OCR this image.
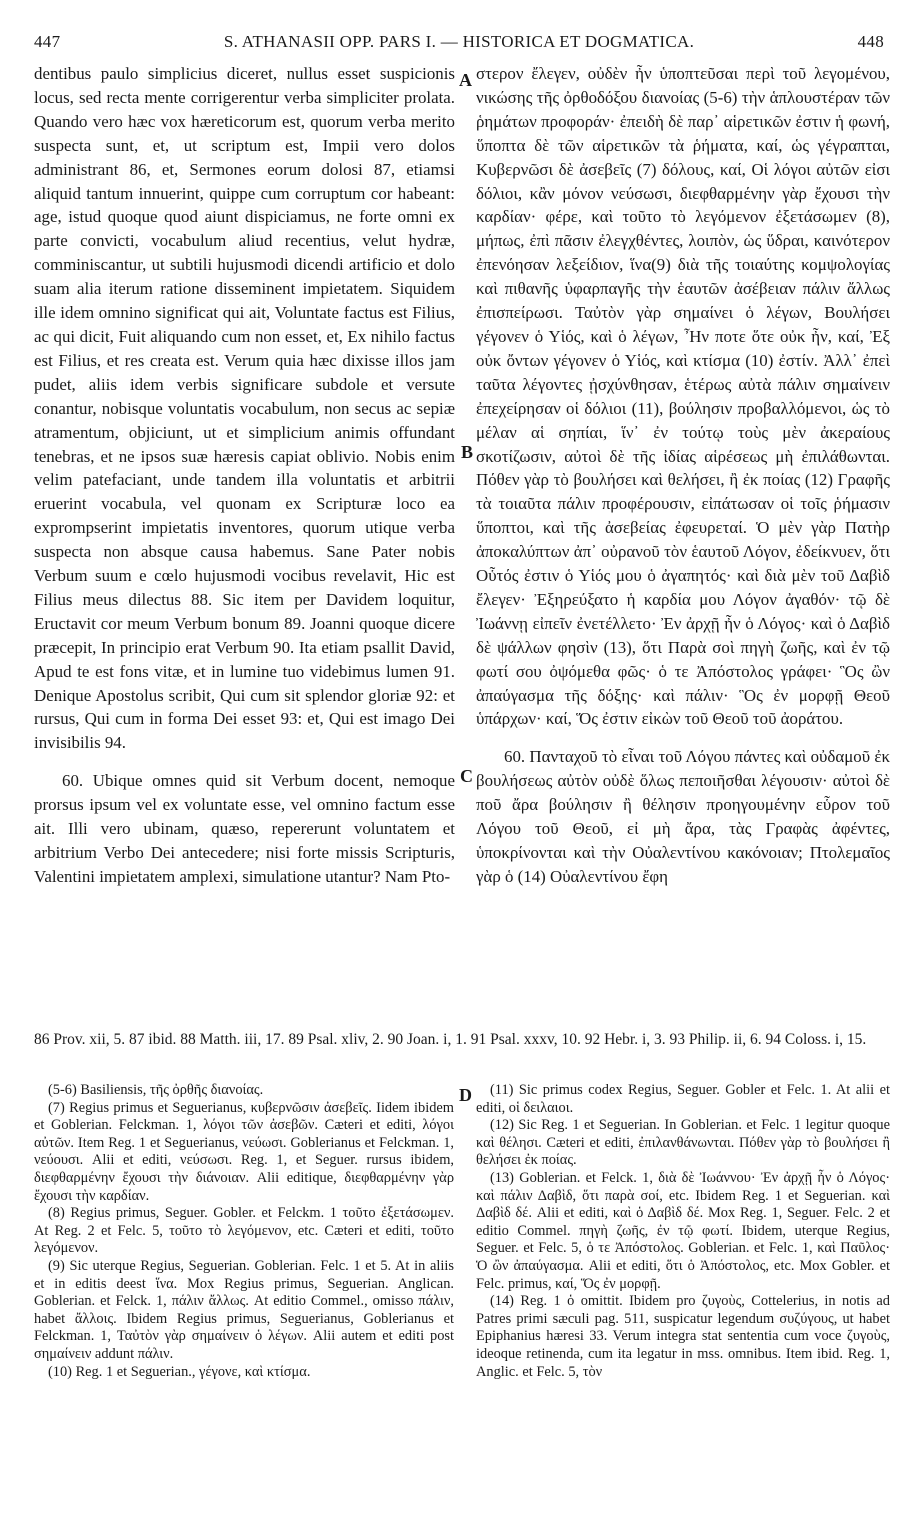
447	S. ATHANASII OPP. PARS I. — HISTORICA ET DOGMATICA.	448

dentibus paulo simplicius diceret, nullus esset suspicionis locus, sed recta mente corrigerentur verba simpliciter prolata. Quando vero hæc vox hæreticorum est, quorum verba merito suspecta sunt, et, ut scriptum est, Impii vero dolos administrant 86, et, Sermones eorum dolosi 87, etiamsi aliquid tantum innuerint, quippe cum corruptum cor habeant: age, istud quoque quod aiunt dispiciamus, ne forte omni ex parte convicti, vocabulum aliud recentius, velut hydræ, comminiscantur, ut subtili hujusmodi dicendi artificio et dolo suam alia iterum ratione disseminent impietatem. Siquidem ille idem omnino significat qui ait, Voluntate factus est Filius, ac qui dicit, Fuit aliquando cum non esset, et, Ex nihilo factus est Filius, et res creata est. Verum quia hæc dixisse illos jam pudet, aliis idem verbis significare subdole et versute conantur, nobisque voluntatis vocabulum, non secus ac sepiæ atramentum, objiciunt, ut et simplicium animis offundant tenebras, et ne ipsos suæ hæresis capiat oblivio. Nobis enim velim patefaciant, unde tandem illa voluntatis et arbitrii eruerint vocabula, vel quonam ex Scripturæ loco ea exprompserint impietatis inventores, quorum utique verba suspecta non absque causa habemus. Sane Pater nobis Verbum suum e cœlo hujusmodi vocibus revelavit, Hic est Filius meus dilectus 88. Sic item per Davidem loquitur, Eructavit cor meum Verbum bonum 89. Joanni quoque dicere præcepit, In principio erat Verbum 90. Ita etiam psallit David, Apud te est fons vitæ, et in lumine tuo videbimus lumen 91. Denique Apostolus scribit, Qui cum sit splendor gloriæ 92: et rursus, Qui cum in forma Dei esset 93: et, Qui est imago Dei invisibilis 94.

60. Ubique omnes quid sit Verbum docent, nemoque prorsus ipsum vel ex voluntate esse, vel omnino factum esse ait. Illi vero ubinam, quæso, repererunt voluntatem et arbitrium Verbo Dei antecedere; nisi forte missis Scripturis, Valentini impietatem amplexi, simulatione utantur? Nam Pto-

A
B
C
D

στερον ἔλεγεν, οὐδὲν ἦν ὑποπτεῦσαι περὶ τοῦ λεγομένου, νικώσης τῆς ὀρθοδόξου διανοίας (5-6) τὴν ἁπλουστέραν τῶν ῥημάτων προφοράν· ἐπειδὴ δὲ παρ᾽ αἱρετικῶν ἐστιν ἡ φωνή, ὕποπτα δὲ τῶν αἱρετικῶν τὰ ῥήματα, καί, ὡς γέγραπται, Κυβερνῶσι δὲ ἀσεβεῖς (7) δόλους, καί, Οἱ λόγοι αὐτῶν εἰσι δόλιοι, κἂν μόνον νεύσωσι, διεφθαρμένην γὰρ ἔχουσι τὴν καρδίαν· φέρε, καὶ τοῦτο τὸ λεγόμενον ἐξετάσωμεν (8), μήπως, ἐπὶ πᾶσιν ἐλεγχθέντες, λοιπὸν, ὡς ὕδραι, καινότερον ἐπενόησαν λεξείδιον, ἵνα(9) διὰ τῆς τοιαύτης κομψολογίας καὶ πιθανῆς ὑφαρπαγῆς τὴν ἑαυτῶν ἀσέβειαν πάλιν ἄλλως ἐπισπείρωσι. Ταὐτὸν γὰρ σημαίνει ὁ λέγων, Βουλήσει γέγονεν ὁ Υἱός, καὶ ὁ λέγων, Ἦν ποτε ὅτε οὐκ ἦν, καί, Ἐξ οὐκ ὄντων γέγονεν ὁ Υἱός, καὶ κτίσμα (10) ἐστίν. Ἀλλ᾽ ἐπεὶ ταῦτα λέγοντες ᾐσχύνθησαν, ἑτέρως αὐτὰ πάλιν σημαίνειν ἐπεχείρησαν οἱ δόλιοι (11), βούλησιν προβαλλόμενοι, ὡς τὸ μέλαν αἱ σηπίαι, ἵν᾽ ἐν τούτῳ τοὺς μὲν ἀκεραίους σκοτίζωσιν, αὐτοὶ δὲ τῆς ἰδίας αἱρέσεως μὴ ἐπιλάθωνται. Πόθεν γὰρ τὸ βουλήσει καὶ θελήσει, ἢ ἐκ ποίας (12) Γραφῆς τὰ τοιαῦτα πάλιν προφέρουσιν, εἰπάτωσαν οἱ τοῖς ῥήμασιν ὕποπτοι, καὶ τῆς ἀσεβείας ἐφευρεταί. Ὁ μὲν γὰρ Πατὴρ ἀποκαλύπτων ἀπ᾽ οὐρανοῦ τὸν ἑαυτοῦ Λόγον, ἐδείκνυεν, ὅτι Οὗτός ἐστιν ὁ Υἱός μου ὁ ἀγαπητός· καὶ διὰ μὲν τοῦ Δαβὶδ ἔλεγεν· Ἐξηρεύξατο ἡ καρδία μου Λόγον ἀγαθόν· τῷ δὲ Ἰωάννῃ εἰπεῖν ἐνετέλλετο· Ἐν ἀρχῇ ἦν ὁ Λόγος· καὶ ὁ Δαβὶδ δὲ ψάλλων φησὶν (13), ὅτι Παρὰ σοὶ πηγὴ ζωῆς, καὶ ἐν τῷ φωτί σου ὀψόμεθα φῶς· ὁ τε Ἀπόστολος γράφει· Ὃς ὢν ἀπαύγασμα τῆς δόξης· καὶ πάλιν· Ὃς ἐν μορφῇ Θεοῦ ὑπάρχων· καί, Ὅς ἐστιν εἰκὼν τοῦ Θεοῦ τοῦ ἀοράτου.

60. Πανταχοῦ τὸ εἶναι τοῦ Λόγου πάντες καὶ οὐδαμοῦ ἐκ βουλήσεως αὐτὸν οὐδὲ ὅλως πεποιῆσθαι λέγουσιν· αὐτοὶ δὲ ποῦ ἄρα βούλησιν ἢ θέλησιν προηγουμένην εὗρον τοῦ Λόγου τοῦ Θεοῦ, εἰ μὴ ἄρα, τὰς Γραφὰς ἀφέντες, ὑποκρίνονται καὶ τὴν Οὐαλεντίνου κακόνοιαν; Πτολεμαῖος γὰρ ὁ (14) Οὐαλεντίνου ἔφη

86 Prov. xii, 5. 87 ibid. 88 Matth. iii, 17. 89 Psal. xliv, 2. 90 Joan. i, 1. 91 Psal. xxxv, 10. 92 Hebr. i, 3. 93 Philip. ii, 6. 94 Coloss. i, 15.

(5-6) Basiliensis, τῆς ὀρθῆς διανοίας.

(7) Regius primus et Seguerianus, κυβερνῶσιν ἀσεβεῖς. Iidem ibidem et Goblerian. Felckman. 1, λόγοι τῶν ἀσεβῶν. Cæteri et editi, λόγοι αὐτῶν. Item Reg. 1 et Seguerianus, νεύωσι. Goblerianus et Felckman. 1, νεύουσι. Alii et editi, νεύσωσι. Reg. 1, et Seguer. rursus ibidem, διεφθαρμένην ἔχουσι τὴν διάνοιαν. Alii editique, διεφθαρμένην γὰρ ἔχουσι τὴν καρδίαν.

(8) Regius primus, Seguer. Gobler. et Felckm. 1 τοῦτο ἐξετάσωμεν. At Reg. 2 et Felc. 5, τοῦτο τὸ λεγόμενον, etc. Cæteri et editi, τοῦτο λεγόμενον.

(9) Sic uterque Regius, Seguerian. Goblerian. Felc. 1 et 5. At in aliis et in editis deest ἵνα. Mox Regius primus, Seguerian. Anglican. Goblerian. et Felck. 1, πάλιν ἄλλως. At editio Commel., omisso πάλιν, habet ἄλλοις. Ibidem Regius primus, Seguerianus, Goblerianus et Felckman. 1, Ταὐτὸν γὰρ σημαίνειν ὁ λέγων. Alii autem et editi post σημαίνειν addunt πάλιν.

(10) Reg. 1 et Seguerian., γέγονε, καὶ κτίσμα.

(11) Sic primus codex Regius, Seguer. Gobler et Felc. 1. At alii et editi, οἱ δειλαιοι.

(12) Sic Reg. 1 et Seguerian. In Goblerian. et Felc. 1 legitur quoque καὶ θέλησι. Cæteri et editi, ἐπιλανθάνωνται. Πόθεν γὰρ τὸ βουλήσει ἢ θελήσει ἐκ ποίας.

(13) Goblerian. et Felck. 1, διὰ δὲ Ἰωάννου· Ἐν ἀρχῇ ἦν ὁ Λόγος· καὶ πάλιν Δαβὶδ, ὅτι παρὰ σοί, etc. Ibidem Reg. 1 et Seguerian. καὶ Δαβὶδ δέ. Alii et editi, καὶ ὁ Δαβὶδ δέ. Mox Reg. 1, Seguer. Felc. 2 et editio Commel. πηγὴ ζωῆς, ἐν τῷ φωτί. Ibidem, uterque Regius, Seguer. et Felc. 5, ὁ τε Ἀπόστολος. Goblerian. et Felc. 1, καὶ Παῦλος· Ὁ ὢν ἀπαύγασμα. Alii et editi, ὅτι ὁ Ἀπόστολος, etc. Mox Gobler. et Felc. primus, καί, Ὅς ἐν μορφῇ.

(14) Reg. 1 ὁ omittit. Ibidem pro ζυγοὺς, Cottelerius, in notis ad Patres primi sæculi pag. 511, suspicatur legendum συζύγους, ut habet Epiphanius hæresi 33. Verum integra stat sententia cum voce ζυγοὺς, ideoque retinenda, cum ita legatur in mss. omnibus. Item ibid. Reg. 1, Anglic. et Felc. 5, τὸν
